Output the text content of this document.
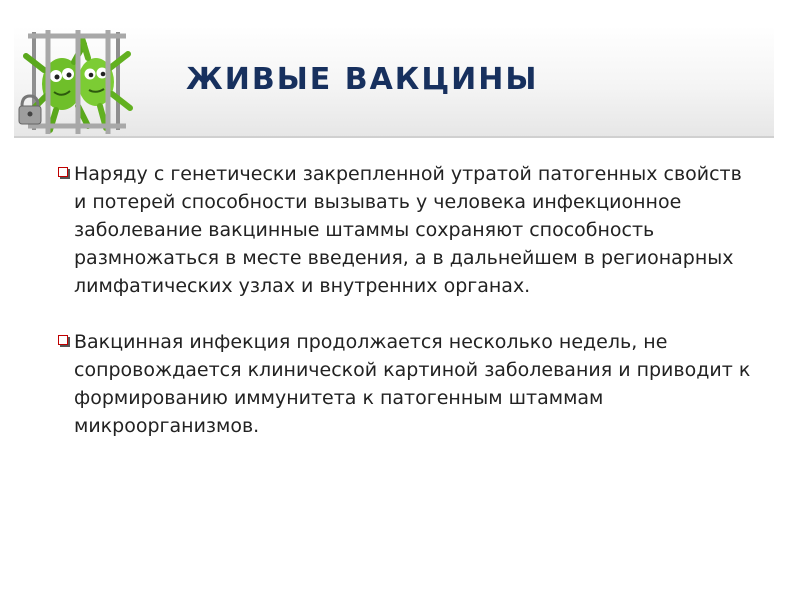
ЖИВЫЕ ВАКЦИНЫ
Наряду с генетически закрепленной утратой патогенных свойств и потерей способности вызывать у человека инфекционное заболевание вакцинные штаммы сохраняют способность размножаться в месте введения, а в дальнейшем в регионарных лимфатических узлах и внутренних органах.
Вакцинная инфекция продолжается несколько недель, не сопровождается клинической картиной заболевания и приводит к формированию иммунитета к патогенным штаммам микроорганизмов.
